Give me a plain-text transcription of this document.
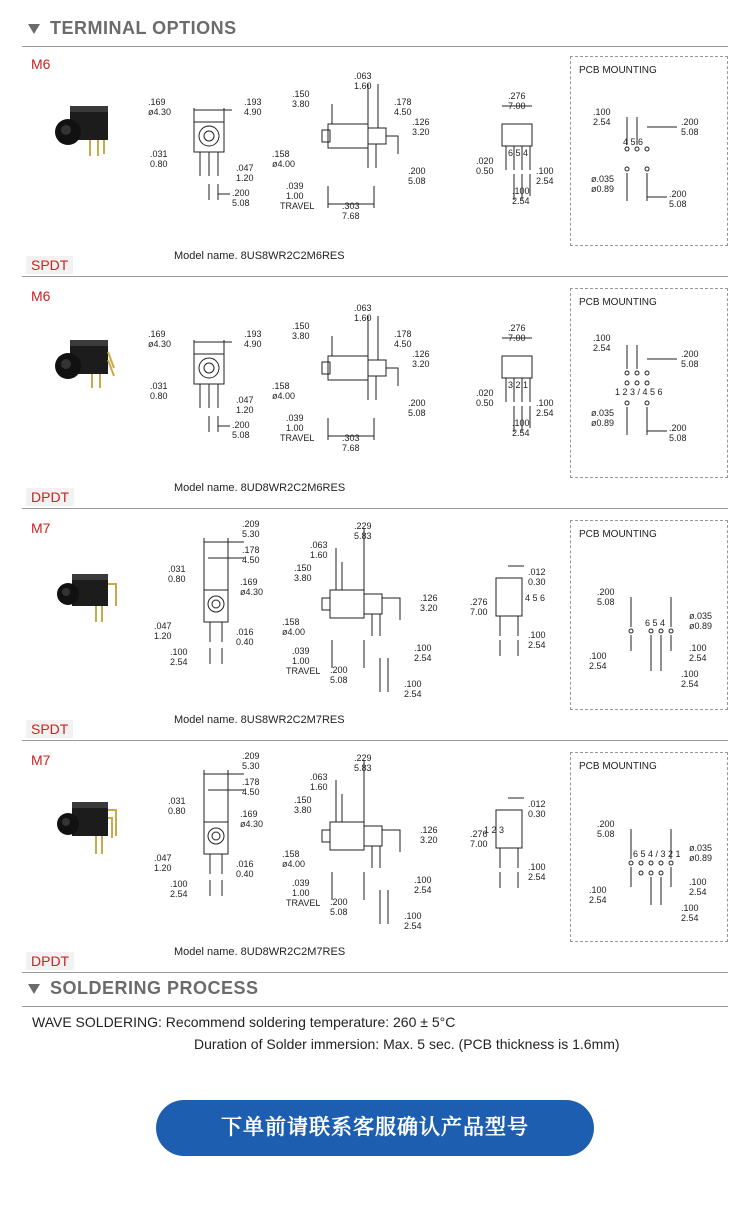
TERMINAL OPTIONS
M6
.169
ø4.30
.193
4.90
.031
0.80	.047
1.20
.200
5.08
.063
1.60
.150
3.80	.178
4.50
.126
3.20
.158
ø4.00
.200
5.08
.039
1.00
TRAVEL	.303
7.68
.276
7.00
.020
0.50	.100
2.54
.100
2.54
6 5 4
Model name. 8US8WR2C2M6RES
PCB MOUNTING
.100
2.54	.200
5.08
ø.035
ø0.89	.200
5.08
4 5 6
SPDT
M6
.169
ø4.30
.193
4.90
.031
0.80	.047
1.20
.200
5.08
.063
1.60
.150
3.80	.178
4.50
.126
3.20
.158
ø4.00
.200
5.08
.039
1.00
TRAVEL	.303
7.68
.276
7.00
.020
0.50	.100
2.54
.100
2.54
3 2 1
Model name. 8UD8WR2C2M6RES
PCB MOUNTING
.100
2.54
.200
5.08
ø.035
ø0.89	.200
5.08
1 2 3 / 4 5 6
DPDT
M7	.209
5.30
.178
4.50
.031
0.80	.169
ø4.30
.047
1.20	.016
0.40
.100
2.54
.229
5.83
.063
1.60
.150
3.80
.126
3.20
.158
ø4.00
.100
2.54
.039
1.00
TRAVEL .200
5.08	.100
2.54
.276
7.00
.012
0.30
.100
2.54
4 5 6
Model name. 8US8WR2C2M7RES
PCB MOUNTING
.200
5.08
ø.035
ø0.89
.100
2.54
.100
2.54
.100
2.54
6 5 4
SPDT
M7	.209
5.30
.178
4.50
.031
0.80	.169
ø4.30
.047
1.20	.016
0.40
.100
2.54
.229
5.83
.063
1.60
.150
3.80
.126
3.20
.158
ø4.00
.100
2.54
.039
1.00
TRAVEL .200
5.08	.100
2.54
.276
7.00
.012
0.30
.100
2.54
1 2 3
Model name. 8UD8WR2C2M7RES
PCB MOUNTING
.200
5.08
ø.035
ø0.89
.100
2.54
.100
2.54
.100
2.54
6 5 4 / 3 2 1
DPDT
SOLDERING PROCESS
WAVE SOLDERING: Recommend soldering temperature: 260 ± 5°C
Duration of Solder immersion: Max. 5 sec. (PCB thickness is 1.6mm)
下单前请联系客服确认产品型号
